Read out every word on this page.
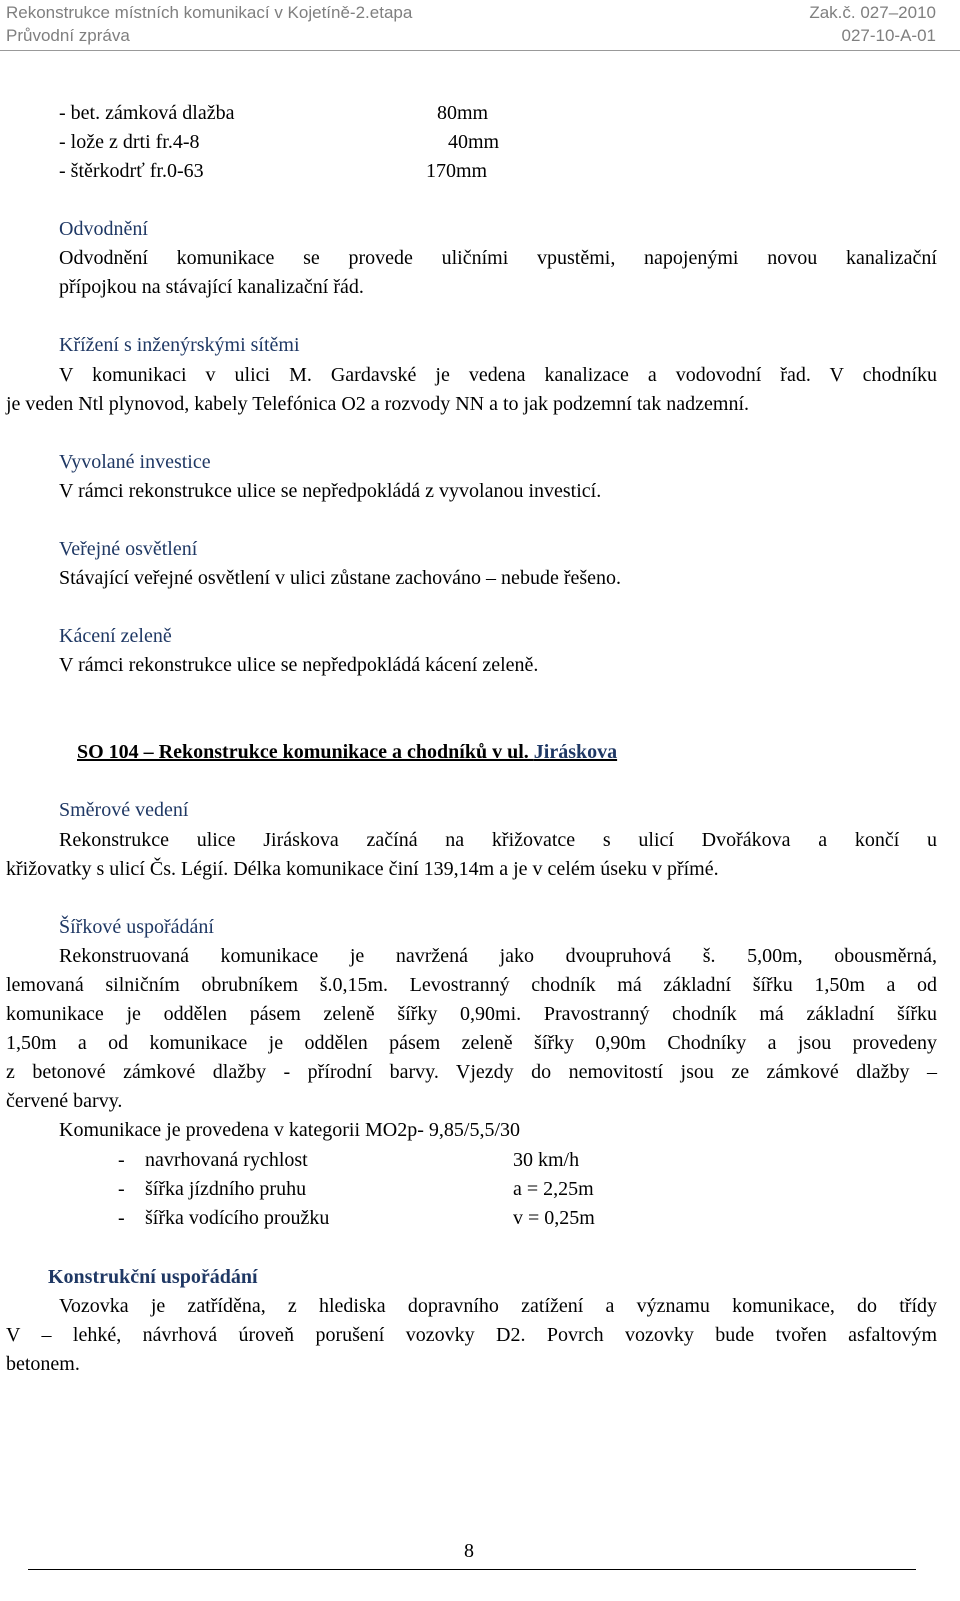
Rekonstrukce místních komunikací v Kojetíně-2.etapa	Zak.č. 027–2010
Průvodní zpráva	027-10-A-01
- bet. zámková dlažba	80mm
- lože z drti fr.4-8	40mm
- štěrkodrť fr.0-63	170mm
Odvodnění
Odvodnění komunikace se provede uličními vpustěmi, napojenými novou kanalizační
přípojkou na stávající kanalizační řád.
Křížení s inženýrskými sítěmi
V komunikaci v ulici M. Gardavské je vedena kanalizace a vodovodní řad. V chodníku
je veden Ntl plynovod, kabely Telefónica O2 a rozvody NN a to jak podzemní tak nadzemní.
Vyvolané investice
V rámci rekonstrukce ulice se nepředpokládá z vyvolanou investicí.
Veřejné osvětlení
Stávající veřejné osvětlení v ulici zůstane zachováno – nebude řešeno.
Kácení zeleně
V rámci rekonstrukce ulice se nepředpokládá kácení zeleně.
SO 104 – Rekonstrukce komunikace a chodníků v ul. Jiráskova
Směrové vedení
Rekonstrukce ulice Jiráskova začíná na křižovatce s ulicí Dvořákova a končí u
křižovatky s ulicí Čs. Légií. Délka komunikace činí 139,14m a je v celém úseku v přímé.
Šířkové uspořádání
Rekonstruovaná komunikace je navržená jako dvoupruhová š. 5,00m, obousměrná,
lemovaná silničním obrubníkem š.0,15m. Levostranný chodník má základní šířku 1,50m a od
komunikace je oddělen pásem zeleně šířky 0,90mi. Pravostranný chodník má základní šířku
1,50m a od komunikace je oddělen pásem zeleně šířky 0,90m Chodníky a jsou provedeny
z betonové zámkové dlažby - přírodní barvy. Vjezdy do nemovitostí jsou ze zámkové dlažby –
červené barvy.
Komunikace je provedena v kategorii MO2p- 9,85/5,5/30
- navrhovaná rychlost	30 km/h
- šířka jízdního pruhu	a = 2,25m
- šířka vodícího proužku	v = 0,25m
Konstrukční uspořádání
Vozovka je zatříděna, z hlediska dopravního zatížení a významu komunikace, do třídy
V – lehké, návrhová úroveň porušení vozovky D2. Povrch vozovky bude tvořen asfaltovým
betonem.
8
